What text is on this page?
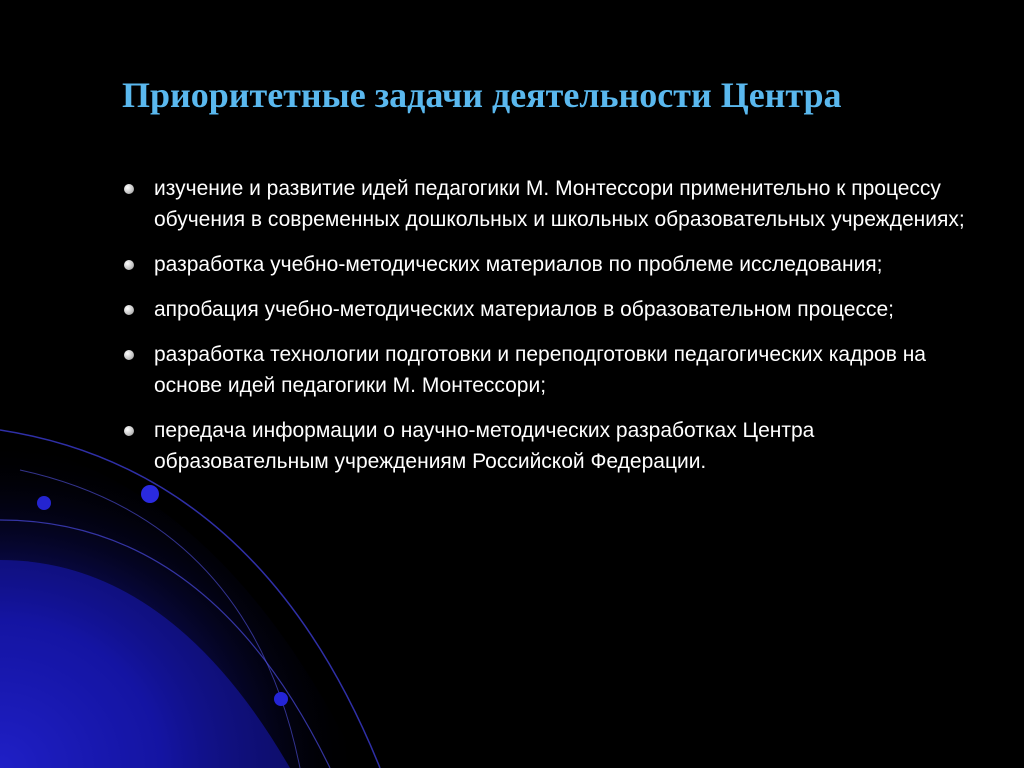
Приоритетные задачи деятельности Центра
изучение и развитие идей педагогики М. Монтессори применительно к процессу обучения в современных дошкольных и школьных образовательных учреждениях;
разработка учебно-методических материалов по проблеме исследования;
апробация учебно-методических материалов в образовательном процессе;
разработка технологии подготовки и переподготовки педагогических кадров на основе идей педагогики М. Монтессори;
передача информации о научно-методических разработках Центра образовательным учреждениям Российской Федерации.
